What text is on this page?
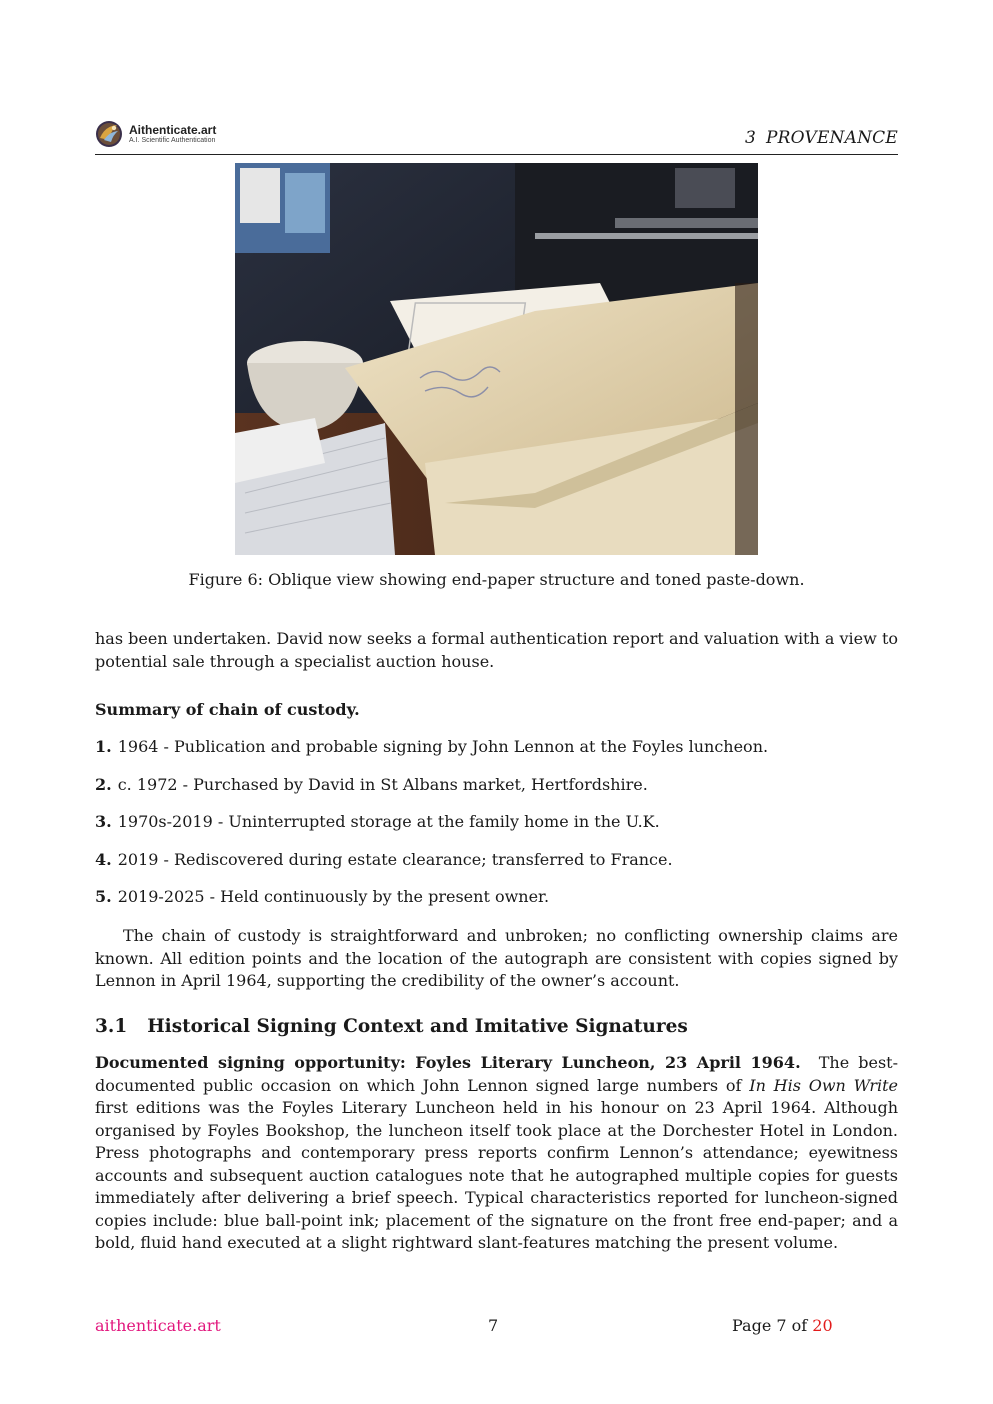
Aithenticate.art
A.I. Scientific Authentication	3 PROVENANCE
Figure 6: Oblique view showing end-paper structure and toned paste-down.
has been undertaken. David now seeks a formal authentication report and valuation with a view to potential sale through a specialist auction house.
Summary of chain of custody.
1. 1964 - Publication and probable signing by John Lennon at the Foyles luncheon.
2. c. 1972 - Purchased by David in St Albans market, Hertfordshire.
3. 1970s-2019 - Uninterrupted storage at the family home in the U.K.
4. 2019 - Rediscovered during estate clearance; transferred to France.
5. 2019-2025 - Held continuously by the present owner.
The chain of custody is straightforward and unbroken; no conflicting ownership claims are known. All edition points and the location of the autograph are consistent with copies signed by Lennon in April 1964, supporting the credibility of the owner’s account.
3.1 Historical Signing Context and Imitative Signatures
Documented signing opportunity: Foyles Literary Luncheon, 23 April 1964. The best-documented public occasion on which John Lennon signed large numbers of In His Own Write first editions was the Foyles Literary Luncheon held in his honour on 23 April 1964. Although organised by Foyles Bookshop, the luncheon itself took place at the Dorchester Hotel in London. Press photographs and contemporary press reports confirm Lennon’s attendance; eyewitness accounts and subsequent auction catalogues note that he autographed multiple copies for guests immediately after delivering a brief speech. Typical characteristics reported for luncheon-signed copies include: blue ball-point ink; placement of the signature on the front free end-paper; and a bold, fluid hand executed at a slight rightward slant-features matching the present volume.
aithenticate.art	7	Page 7 of 20
